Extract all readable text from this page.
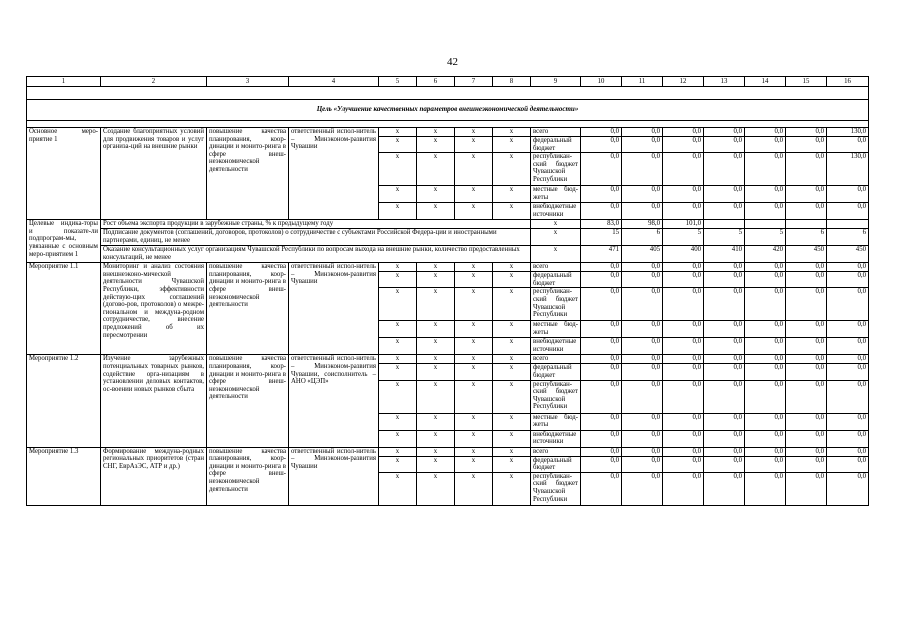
42
1	2	3	4	5	6	7	8	9	10	11	12	13	14	15	16

Цель «Улучшение качественных параметров внешнеэкономической деятельности»															

Основное меро-приятие 1	Создание благоприятных условий для продвижения товаров и услуг организа-ций на внешние рынки	повышение качества планирования, коор-динации и монито-ринга в сфере внеш-неэкономической деятельности	ответственный испол-нитель – Минэконом-развития Чувашии	x	x	x	x	всего	0,0	0,0	0,0	0,0	0,0	0,0	130,0
				x	x	x	x	федеральный бюджет	0,0	0,0	0,0	0,0	0,0	0,0	0,0
				x	x	x	x	республикан-ский бюджет Чувашской Республики	0,0	0,0	0,0	0,0	0,0	0,0	130,0
				x	x	x	x	местные бюд-жеты	0,0	0,0	0,0	0,0	0,0	0,0	0,0
				x	x	x	x	внебюджетные источники	0,0	0,0	0,0	0,0	0,0	0,0	0,0
Целевые индика-торы и показате-ли подпрограм-мы, увязанные с основным меро-приятием 1	Рост объема экспорта продукции в зарубежные страны, % к предыдущему году							x	83,0	98,0	101,0				
	Подписание документов (соглашений, договоров, протоколов) о сотрудничестве с субъектами Российской Федера-ции и иностранными партнерами, единиц, не менее							x	15	6	5	5	5	6	6
	Оказание консультационных услуг организациям Чувашской Республики по вопросам выхода на внешние рынки, количество предоставленных консультаций, не менее							x	471	405	400	410	420	450	450
Мероприятие 1.1	Мониторинг и анализ состояния внешнеэконо-мической деятельности Чувашской Республики, эффективности действую-щих соглашений (догово-ров, протоколов) о межре-гиональном и междуна-родном сотрудничестве, внесение предложений об их пересмотрении	повышение качества планирования, коор-динации и монито-ринга в сфере внеш-неэкономической деятельности	ответственный испол-нитель – Минэконом-развития Чувашии	x	x	x	x	всего	0,0	0,0	0,0	0,0	0,0	0,0	0,0
				x	x	x	x	федеральный бюджет	0,0	0,0	0,0	0,0	0,0	0,0	0,0
				x	x	x	x	республикан-ский бюджет Чувашской Республики	0,0	0,0	0,0	0,0	0,0	0,0	0,0
				x	x	x	x	местные бюд-жеты	0,0	0,0	0,0	0,0	0,0	0,0	0,0
				x	x	x	x	внебюджетные источники	0,0	0,0	0,0	0,0	0,0	0,0	0,0
Мероприятие 1.2	Изучение зарубежных потенциальных товарных рынков, содействие орга-низациям в установлении деловых контактов, ос-воении новых рынков сбыта	повышение качества планирования, коор-динации и монито-ринга в сфере внеш-неэкономической деятельности	ответственный испол-нитель – Минэконом-развития Чувашии, соисполнитель – АНО «ЦЭП»	x	x	x	x	всего	0,0	0,0	0,0	0,0	0,0	0,0	0,0
				x	x	x	x	федеральный бюджет	0,0	0,0	0,0	0,0	0,0	0,0	0,0
				x	x	x	x	республикан-ский бюджет Чувашской Республики	0,0	0,0	0,0	0,0	0,0	0,0	0,0
				x	x	x	x	местные бюд-жеты	0,0	0,0	0,0	0,0	0,0	0,0	0,0
				x	x	x	x	внебюджетные источники	0,0	0,0	0,0	0,0	0,0	0,0	0,0
Мероприятие 1.3	Формирование междуна-родных региональных приоритетов (стран СНГ, ЕврАзЭС, АТР и др.)	повышение качества планирования, коор-динации и монито-ринга в сфере внеш-неэкономической деятельности	ответственный испол-нитель – Минэконом-развития Чувашии	x	x	x	x	всего	0,0	0,0	0,0	0,0	0,0	0,0	0,0
				x	x	x	x	федеральный бюджет	0,0	0,0	0,0	0,0	0,0	0,0	0,0
				x	x	x	x	республикан-ский бюджет Чувашской Республики	0,0	0,0	0,0	0,0	0,0	0,0	0,0
